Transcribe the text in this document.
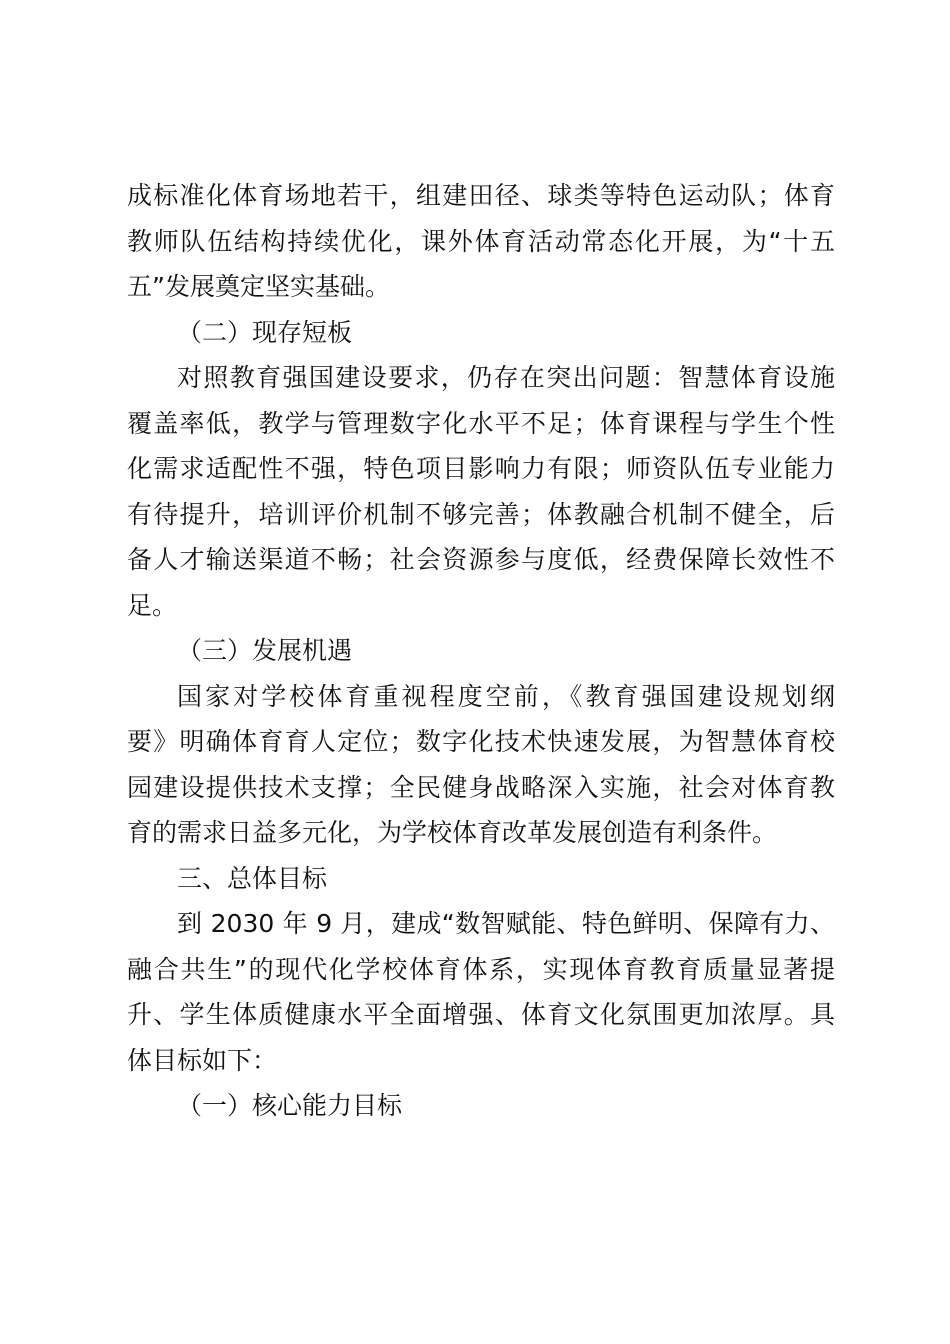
成标准化体育场地若干，组建田径、球类等特色运动队；体育
教师队伍结构持续优化，课外体育活动常态化开展，为“十五
五”发展奠定坚实基础。
（二）现存短板
对照教育强国建设要求，仍存在突出问题：智慧体育设施
覆盖率低，教学与管理数字化水平不足；体育课程与学生个性
化需求适配性不强，特色项目影响力有限；师资队伍专业能力
有待提升，培训评价机制不够完善；体教融合机制不健全，后
备人才输送渠道不畅；社会资源参与度低，经费保障长效性不
足。
（三）发展机遇
国家对学校体育重视程度空前，《教育强国建设规划纲
要》明确体育育人定位；数字化技术快速发展，为智慧体育校
园建设提供技术支撑；全民健身战略深入实施，社会对体育教
育的需求日益多元化，为学校体育改革发展创造有利条件。
三、总体目标
到 2030 年 9 月，建成“数智赋能、特色鲜明、保障有力、
融合共生”的现代化学校体育体系，实现体育教育质量显著提
升、学生体质健康水平全面增强、体育文化氛围更加浓厚。具
体目标如下：
（一）核心能力目标
